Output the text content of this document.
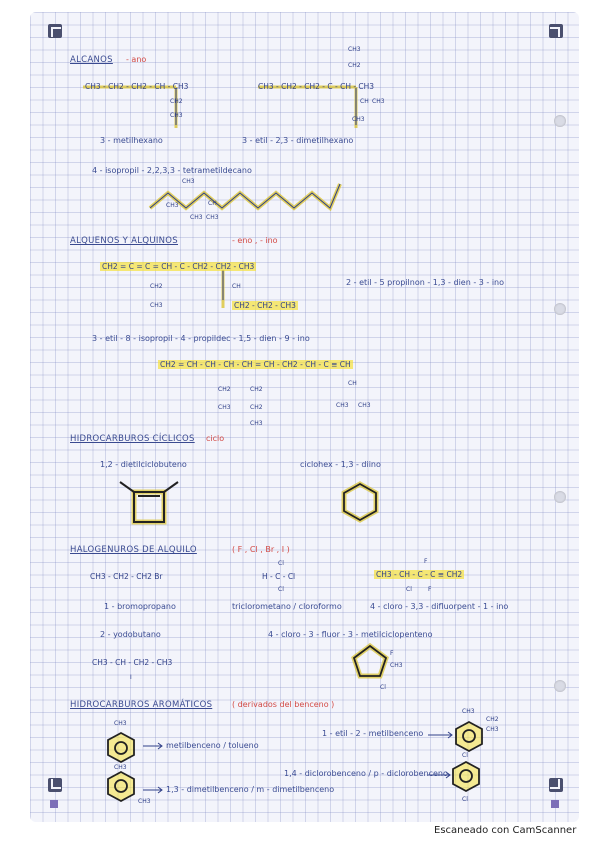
ALCANOS - ano
ALQUENOS Y ALQUINOS	- eno , - ino
HIDROCARBUROS CÍCLICOS ciclo
HALOGENUROS DE ALQUILO	( F , Cl , Br , I )
HIDROCARBUROS AROMÁTICOS ( derivados del benceno )
CH3 - CH2 - CH2 - CH - CH3
CH2
CH3
3 - metilhexano
CH3
CH2
CH3 - CH2 - CH2 - C - CH - CH3
CH CH3
CH3
3 - etil - 2,3 - dimetilhexano
4 - isopropil - 2,2,3,3 - tetrametildecano
CH3
CH3	CH
CH3 CH3
CH2 = C = C = CH - C - CH2 - CH2 - CH3
CH2
CH3
CH
CH2 - CH2 - CH3
2 - etil - 5 propilnon - 1,3 - dien - 3 - ino
3 - etil - 8 - isopropil - 4 - propildec - 1,5 - dien - 9 - ino
CH2 = CH - CH - CH - CH = CH - CH2 - CH - C ≡ CH
CH2
CH3
CH2
CH2
CH3
CH
CH3 CH3
1,2 - dietilciclobuteno	ciclohex - 1,3 - diino
CH3 - CH2 - CH2 Br
Cl
H - C - Cl
Cl
F
CH3 - CH - C - C ≡ CH2
Cl	F
1 - bromopropano	triclorometano / cloroformo	4 - cloro - 3,3 - difluorpent - 1 - ino
2 - yodobutano	4 - cloro - 3 - fluor - 3 - metilciclopenteno
CH3 - CH - CH2 - CH3
I
F
CH3
Cl
CH3
metilbenceno / tolueno
1 - etil - 2 - metilbenceno
CH3
CH2
CH3
CH3
CH3
1,3 - dimetilbenceno / m - dimetilbenceno
1,4 - diclorobenceno / p - diclorobenceno
Cl
Cl
Escaneado con CamScanner
